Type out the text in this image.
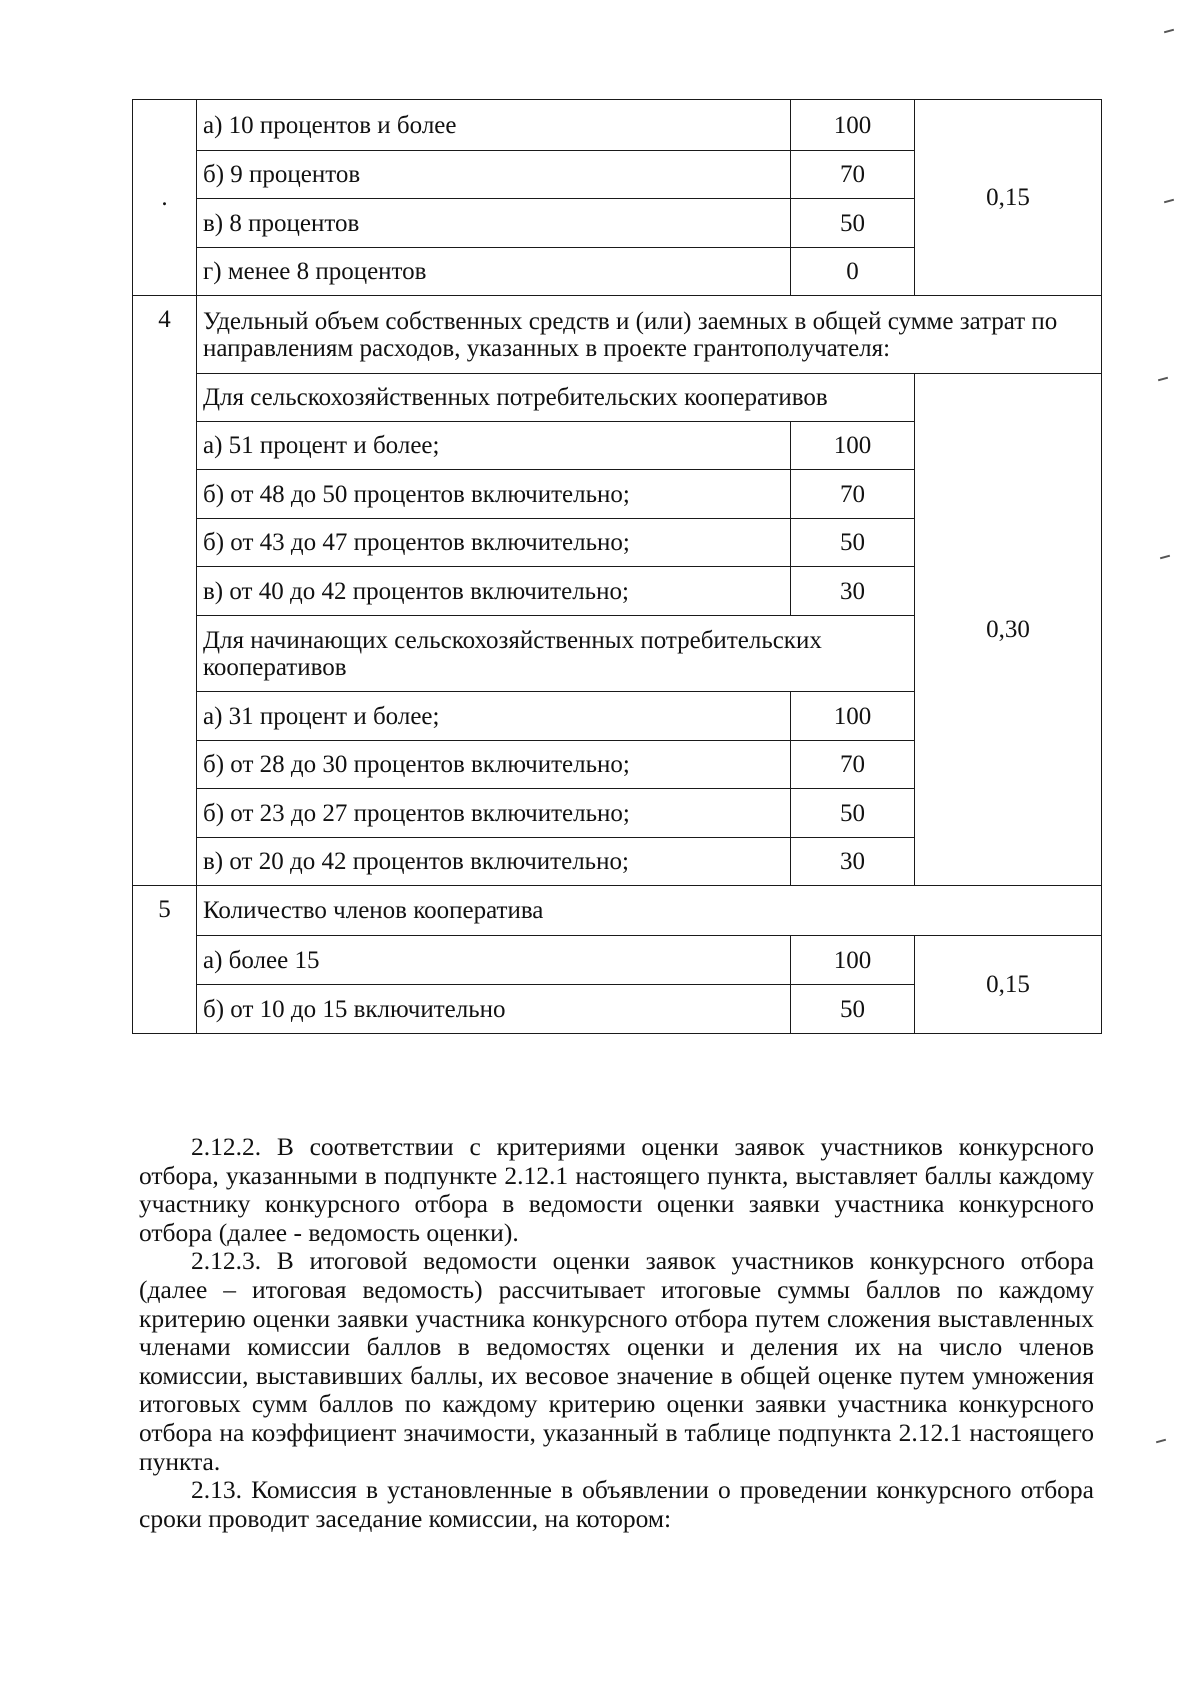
.	а) 10 процентов и более	100	0,15
	б) 9 процентов	70	
	в) 8 процентов	50	
	г) менее 8 процентов	0	
4	Удельный объем собственных средств и (или) заемных в общей сумме затрат по направлениям расходов, указанных в проекте грантополучателя:		
	Для сельскохозяйственных потребительских кооперативов		0,30
	а) 51 процент и более;	100	
	б) от 48 до 50 процентов включительно;	70	
	б) от 43 до 47 процентов включительно;	50	
	в) от 40 до 42 процентов включительно;	30	
	Для начинающих сельскохозяйственных потребительских кооперативов		
	а) 31 процент и более;	100	
	б) от 28 до 30 процентов включительно;	70	
	б) от 23 до 27 процентов включительно;	50	
	в) от 20 до 42 процентов включительно;	30	
5	Количество членов кооператива		
	а) более 15	100	0,15
	б) от 10 до 15 включительно	50	

2.12.2. В соответствии с критериями оценки заявок участников конкурсного отбора, указанными в подпункте 2.12.1 настоящего пункта, выставляет баллы каждому участнику конкурсного отбора в ведомости оценки заявки участника конкурсного отбора (далее - ведомость оценки).

2.12.3. В итоговой ведомости оценки заявок участников конкурсного отбора (далее – итоговая ведомость) рассчитывает итоговые суммы баллов по каждому критерию оценки заявки участника конкурсного отбора путем сложения выставленных членами комиссии баллов в ведомостях оценки и деления их на число членов комиссии, выставивших баллы, их весовое значение в общей оценке путем умножения итоговых сумм баллов по каждому критерию оценки заявки участника конкурсного отбора на коэффициент значимости, указанный в таблице подпункта 2.12.1 настоящего пункта.

2.13. Комиссия в установленные в объявлении о проведении конкурсного отбора сроки проводит заседание комиссии, на котором:
